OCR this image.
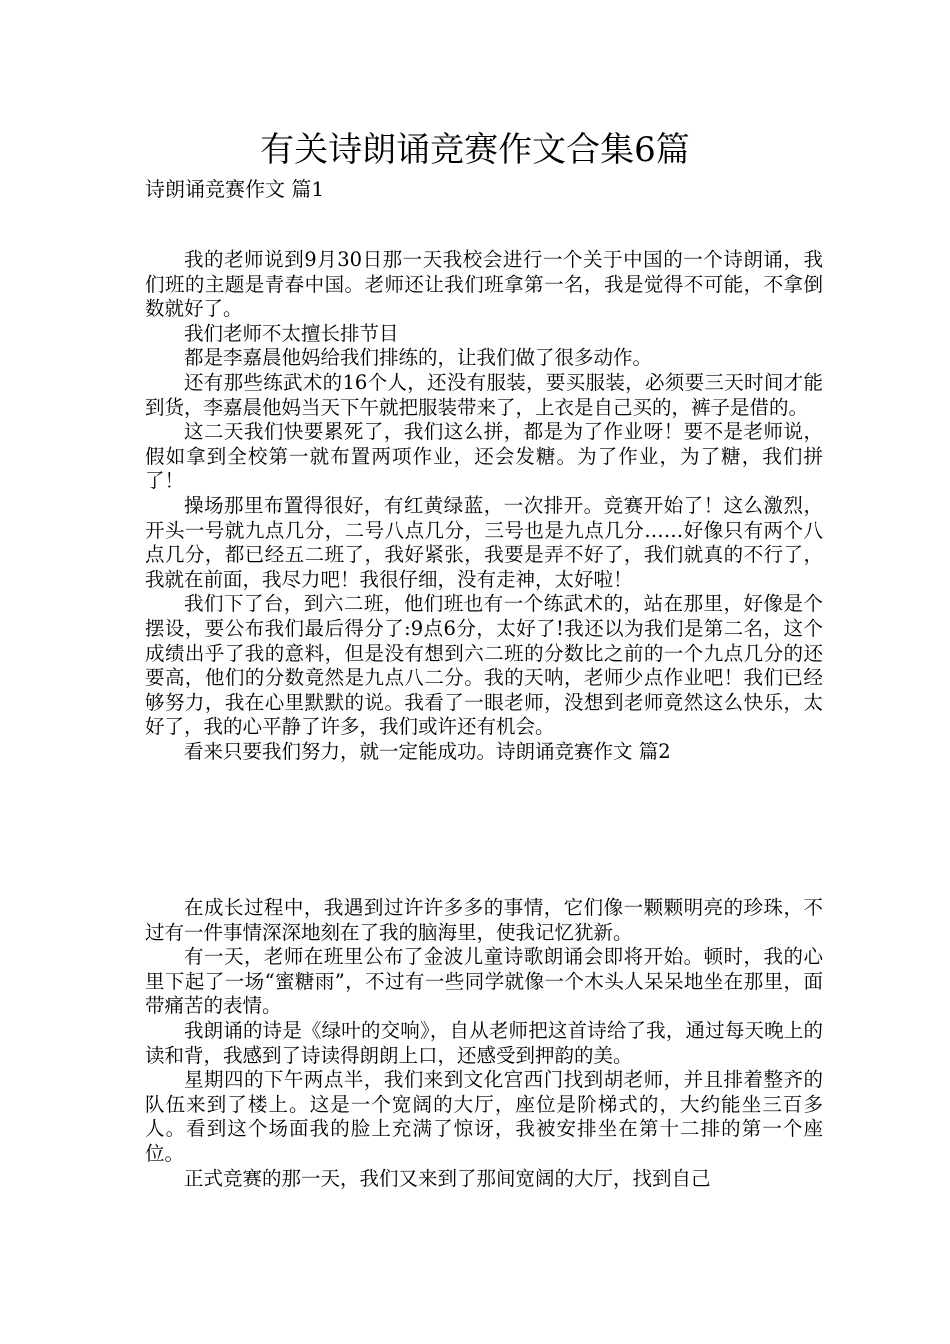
有关诗朗诵竞赛作文合集6篇
诗朗诵竞赛作文 篇1

我的老师说到9月30日那一天我校会进行一个关于中国的一个诗朗诵，我们班的主题是青春中国。老师还让我们班拿第一名，我是觉得不可能，不拿倒数就好了。

我们老师不太擅长排节目

都是李嘉晨他妈给我们排练的，让我们做了很多动作。

还有那些练武术的16个人，还没有服装，要买服装，必须要三天时间才能到货，李嘉晨他妈当天下午就把服装带来了，上衣是自己买的，裤子是借的。

这二天我们快要累死了，我们这么拼，都是为了作业呀！要不是老师说，假如拿到全校第一就布置两项作业，还会发糖。为了作业，为了糖，我们拼了！

操场那里布置得很好，有红黄绿蓝，一次排开。竞赛开始了！这么激烈，开头一号就九点几分，二号八点几分，三号也是九点几分……好像只有两个八点几分，都已经五二班了，我好紧张，我要是弄不好了，我们就真的不行了，我就在前面，我尽力吧！我很仔细，没有走神，太好啦！

我们下了台，到六二班，他们班也有一个练武术的，站在那里，好像是个摆设，要公布我们最后得分了:9点6分，太好了!我还以为我们是第二名，这个成绩出乎了我的意料，但是没有想到六二班的分数比之前的一个九点几分的还要高，他们的分数竟然是九点八二分。我的天呐，老师少点作业吧！我们已经够努力，我在心里默默的说。我看了一眼老师，没想到老师竟然这么快乐，太好了，我的心平静了许多，我们或许还有机会。

看来只要我们努力，就一定能成功。诗朗诵竞赛作文 篇2

在成长过程中，我遇到过许许多多的事情，它们像一颗颗明亮的珍珠，不过有一件事情深深地刻在了我的脑海里，使我记忆犹新。

有一天，老师在班里公布了金波儿童诗歌朗诵会即将开始。顿时，我的心里下起了一场“蜜糖雨”，不过有一些同学就像一个木头人呆呆地坐在那里，面带痛苦的表情。

我朗诵的诗是《绿叶的交响》，自从老师把这首诗给了我，通过每天晚上的读和背，我感到了诗读得朗朗上口，还感受到押韵的美。

星期四的下午两点半，我们来到文化宫西门找到胡老师，并且排着整齐的队伍来到了楼上。这是一个宽阔的大厅，座位是阶梯式的，大约能坐三百多人。看到这个场面我的脸上充满了惊讶，我被安排坐在第十二排的第一个座位。

正式竞赛的那一天，我们又来到了那间宽阔的大厅，找到自己
